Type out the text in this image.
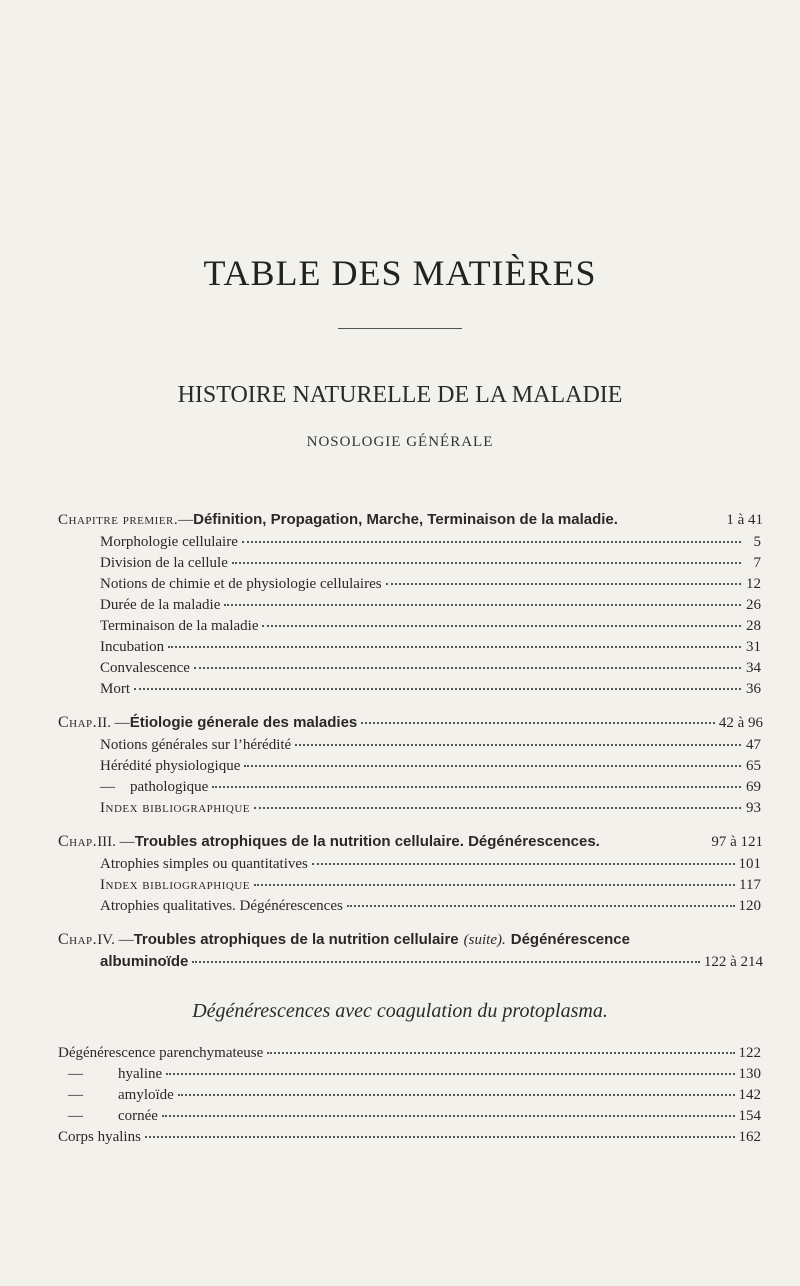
TABLE DES MATIÈRES
HISTOIRE NATURELLE DE LA MALADIE
NOSOLOGIE GÉNÉRALE
Chapitre premier. — Définition, Propagation, Marche, Terminaison de la maladie.	1 à 41
Morphologie cellulaire	5
Division de la cellule	7
Notions de chimie et de physiologie cellulaires	12
Durée de la maladie	26
Terminaison de la maladie	28
Incubation	31
Convalescence	34
Mort	36
Chap. II. — Étiologie génerale des maladies	42 à 96
Notions générales sur l’hérédité	47
Hérédité physiologique	65
— pathologique	69
Index bibliographique	93
Chap. III. — Troubles atrophiques de la nutrition cellulaire. Dégénérescences.	97 à 121
Atrophies simples ou quantitatives	101
Index bibliographique	117
Atrophies qualitatives. Dégénérescences	120
Chap. IV. — Troubles atrophiques de la nutrition cellulaire (suite). Dégénérescence
albuminoïde	122 à 214
Dégénérescences avec coagulation du protoplasma.
Dégénérescence parenchymateuse	122
— hyaline	130
— amyloïde	142
— cornée	154
Corps hyalins	162
